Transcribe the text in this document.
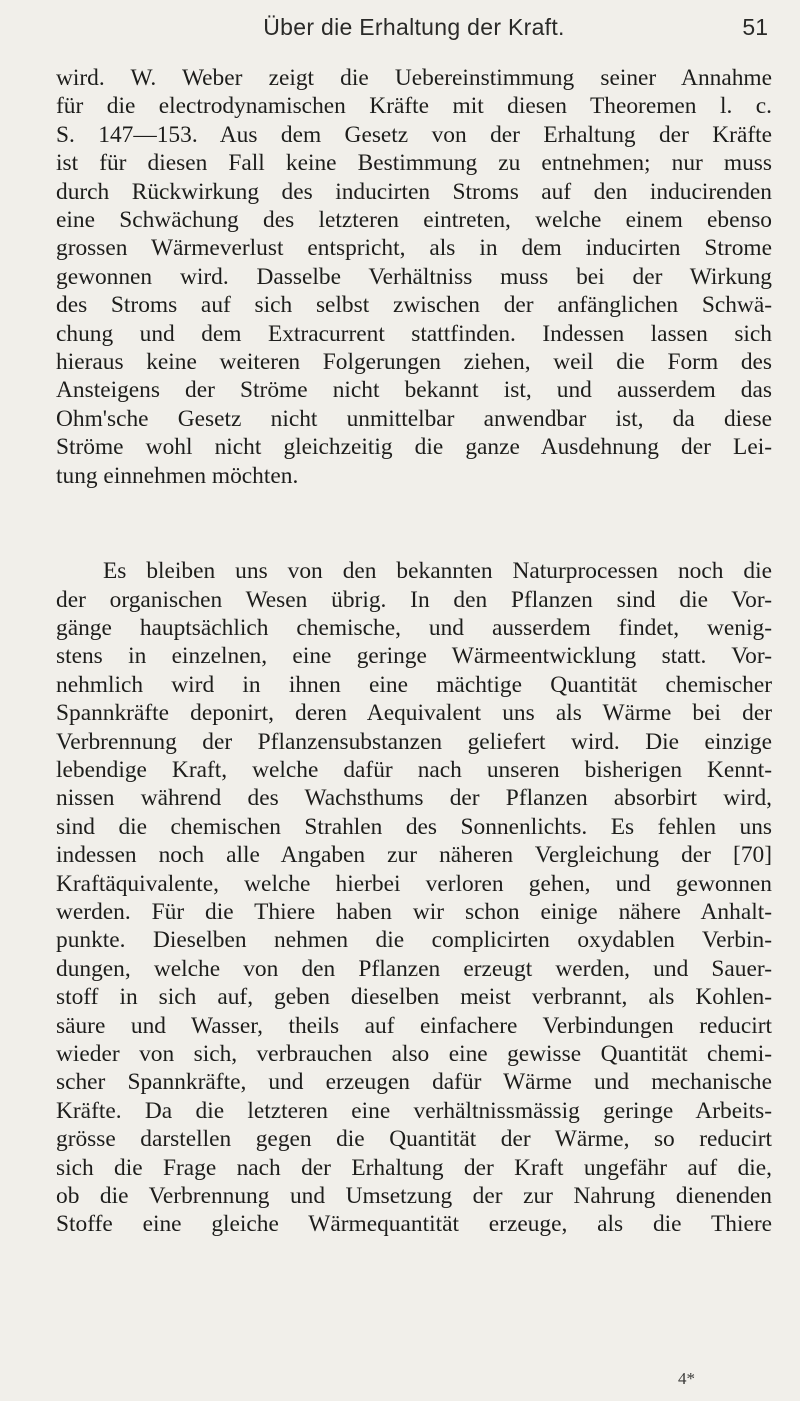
Über die Erhaltung der Kraft.	51

wird. W. Weber zeigt die Uebereinstimmung seiner Annahme
für die electrodynamischen Kräfte mit diesen Theoremen l. c.
S. 147—153. Aus dem Gesetz von der Erhaltung der Kräfte
ist für diesen Fall keine Bestimmung zu entnehmen; nur muss
durch Rückwirkung des inducirten Stroms auf den inducirenden
eine Schwächung des letzteren eintreten, welche einem ebenso
grossen Wärmeverlust entspricht, als in dem inducirten Strome
gewonnen wird. Dasselbe Verhältniss muss bei der Wirkung
des Stroms auf sich selbst zwischen der anfänglichen Schwä-
chung und dem Extracurrent stattfinden. Indessen lassen sich
hieraus keine weiteren Folgerungen ziehen, weil die Form des
Ansteigens der Ströme nicht bekannt ist, und ausserdem das
Ohm'sche Gesetz nicht unmittelbar anwendbar ist, da diese
Ströme wohl nicht gleichzeitig die ganze Ausdehnung der Lei-
tung einnehmen möchten.

Es bleiben uns von den bekannten Naturprocessen noch die
der organischen Wesen übrig. In den Pflanzen sind die Vor-
gänge hauptsächlich chemische, und ausserdem findet, wenig-
stens in einzelnen, eine geringe Wärmeentwicklung statt. Vor-
nehmlich wird in ihnen eine mächtige Quantität chemischer
Spannkräfte deponirt, deren Aequivalent uns als Wärme bei der
Verbrennung der Pflanzensubstanzen geliefert wird. Die einzige
lebendige Kraft, welche dafür nach unseren bisherigen Kennt-
nissen während des Wachsthums der Pflanzen absorbirt wird,
sind die chemischen Strahlen des Sonnenlichts. Es fehlen uns
indessen noch alle Angaben zur näheren Vergleichung der [70]
Kraftäquivalente, welche hierbei verloren gehen, und gewonnen
werden. Für die Thiere haben wir schon einige nähere Anhalt-
punkte. Dieselben nehmen die complicirten oxydablen Verbin-
dungen, welche von den Pflanzen erzeugt werden, und Sauer-
stoff in sich auf, geben dieselben meist verbrannt, als Kohlen-
säure und Wasser, theils auf einfachere Verbindungen reducirt
wieder von sich, verbrauchen also eine gewisse Quantität chemi-
scher Spannkräfte, und erzeugen dafür Wärme und mechanische
Kräfte. Da die letzteren eine verhältnissmässig geringe Arbeits-
grösse darstellen gegen die Quantität der Wärme, so reducirt
sich die Frage nach der Erhaltung der Kraft ungefähr auf die,
ob die Verbrennung und Umsetzung der zur Nahrung dienenden
Stoffe eine gleiche Wärmequantität erzeuge, als die Thiere

4*
